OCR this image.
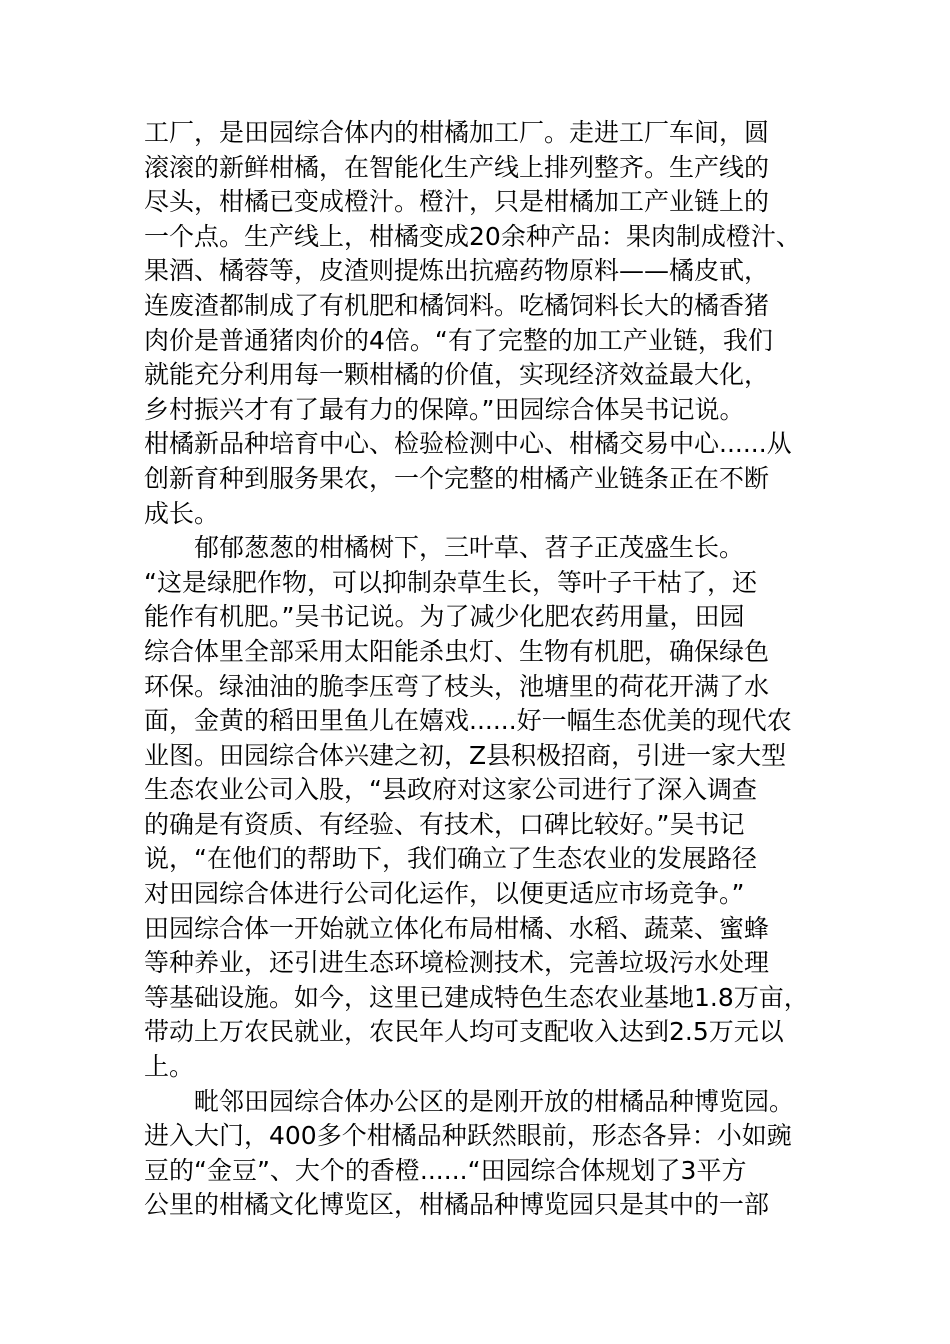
工厂，是田园综合体内的柑橘加工厂。走进工厂车间，圆
滚滚的新鲜柑橘，在智能化生产线上排列整齐。生产线的
尽头，柑橘已变成橙汁。橙汁，只是柑橘加工产业链上的
一个点。生产线上，柑橘变成20余种产品：果肉制成橙汁、
果酒、橘蓉等，皮渣则提炼出抗癌药物原料——橘皮甙，
连废渣都制成了有机肥和橘饲料。吃橘饲料长大的橘香猪
肉价是普通猪肉价的4倍。“有了完整的加工产业链，我们
就能充分利用每一颗柑橘的价值，实现经济效益最大化，
乡村振兴才有了最有力的保障。”田园综合体吴书记说。
柑橘新品种培育中心、检验检测中心、柑橘交易中心......从
创新育种到服务果农，一个完整的柑橘产业链条正在不断
成长。
郁郁葱葱的柑橘树下，三叶草、苕子正茂盛生长。
“这是绿肥作物，可以抑制杂草生长，等叶子干枯了，还
能作有机肥。”吴书记说。为了减少化肥农药用量，田园
综合体里全部采用太阳能杀虫灯、生物有机肥，确保绿色
环保。绿油油的脆李压弯了枝头，池塘里的荷花开满了水
面，金黄的稻田里鱼儿在嬉戏......好一幅生态优美的现代农
业图。田园综合体兴建之初，Z县积极招商，引进一家大型
生态农业公司入股，“县政府对这家公司进行了深入调查
的确是有资质、有经验、有技术，口碑比较好。”吴书记
说，“在他们的帮助下，我们确立了生态农业的发展路径
对田园综合体进行公司化运作，以便更适应市场竞争。”
田园综合体一开始就立体化布局柑橘、水稻、蔬菜、蜜蜂
等种养业，还引进生态环境检测技术，完善垃圾污水处理
等基础设施。如今，这里已建成特色生态农业基地1.8万亩，
带动上万农民就业，农民年人均可支配收入达到2.5万元以
上。
毗邻田园综合体办公区的是刚开放的柑橘品种博览园。
进入大门，400多个柑橘品种跃然眼前，形态各异：小如豌
豆的“金豆”、大个的香橙......“田园综合体规划了3平方
公里的柑橘文化博览区，柑橘品种博览园只是其中的一部
